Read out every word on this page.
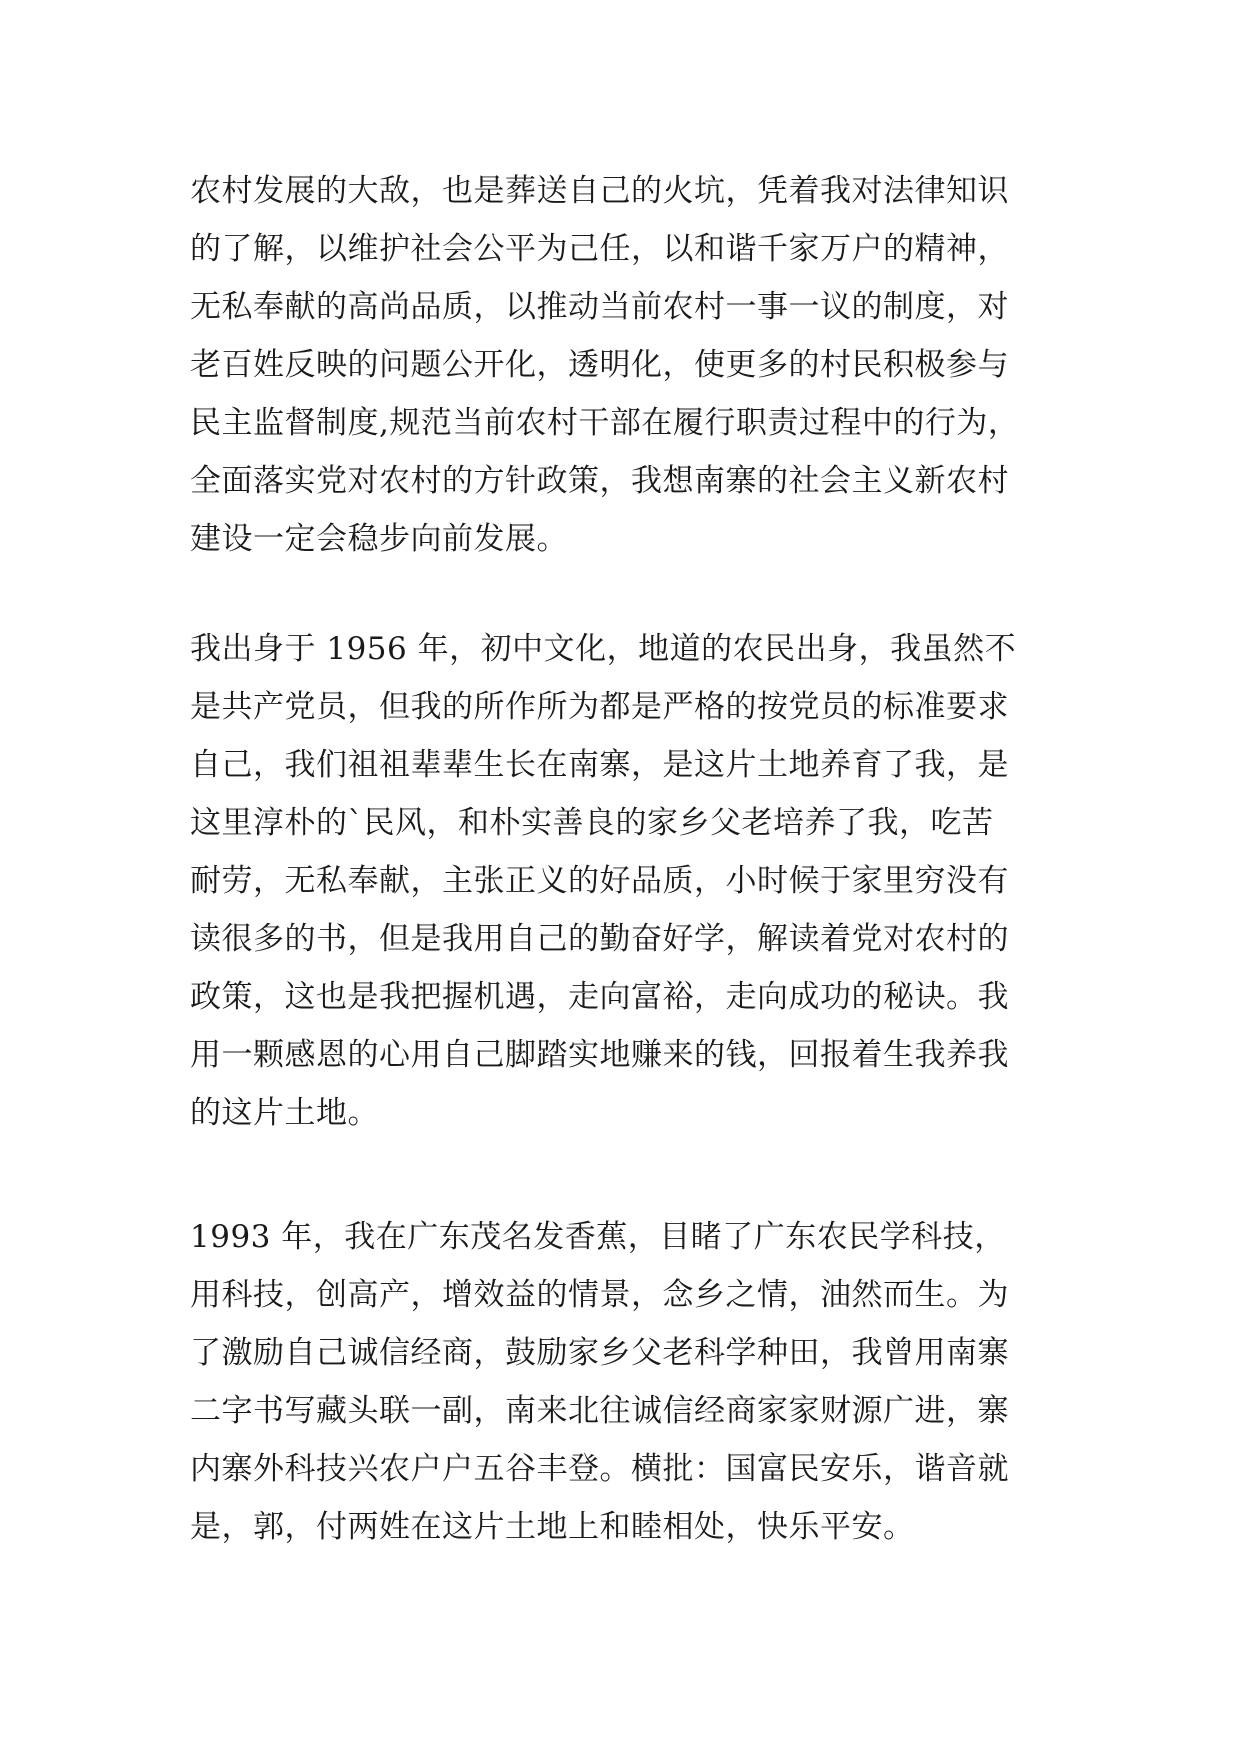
农村发展的大敌，也是葬送自己的火坑，凭着我对法律知识
的了解，以维护社会公平为己任，以和谐千家万户的精神，
无私奉献的高尚品质，以推动当前农村一事一议的制度，对
老百姓反映的问题公开化，透明化，使更多的村民积极参与
民主监督制度,规范当前农村干部在履行职责过程中的行为，
全面落实党对农村的方针政策，我想南寨的社会主义新农村
建设一定会稳步向前发展。
我出身于 1956 年，初中文化，地道的农民出身，我虽然不
是共产党员，但我的所作所为都是严格的按党员的标准要求
自己，我们祖祖辈辈生长在南寨，是这片土地养育了我，是
这里淳朴的`民风，和朴实善良的家乡父老培养了我，吃苦
耐劳，无私奉献，主张正义的好品质，小时候于家里穷没有
读很多的书，但是我用自己的勤奋好学，解读着党对农村的
政策，这也是我把握机遇，走向富裕，走向成功的秘诀。我
用一颗感恩的心用自己脚踏实地赚来的钱，回报着生我养我
的这片土地。
1993 年，我在广东茂名发香蕉，目睹了广东农民学科技，
用科技，创高产，增效益的情景，念乡之情，油然而生。为
了激励自己诚信经商，鼓励家乡父老科学种田，我曾用南寨
二字书写藏头联一副，南来北往诚信经商家家财源广进，寨
内寨外科技兴农户户五谷丰登。横批：国富民安乐，谐音就
是，郭，付两姓在这片土地上和睦相处，快乐平安。
